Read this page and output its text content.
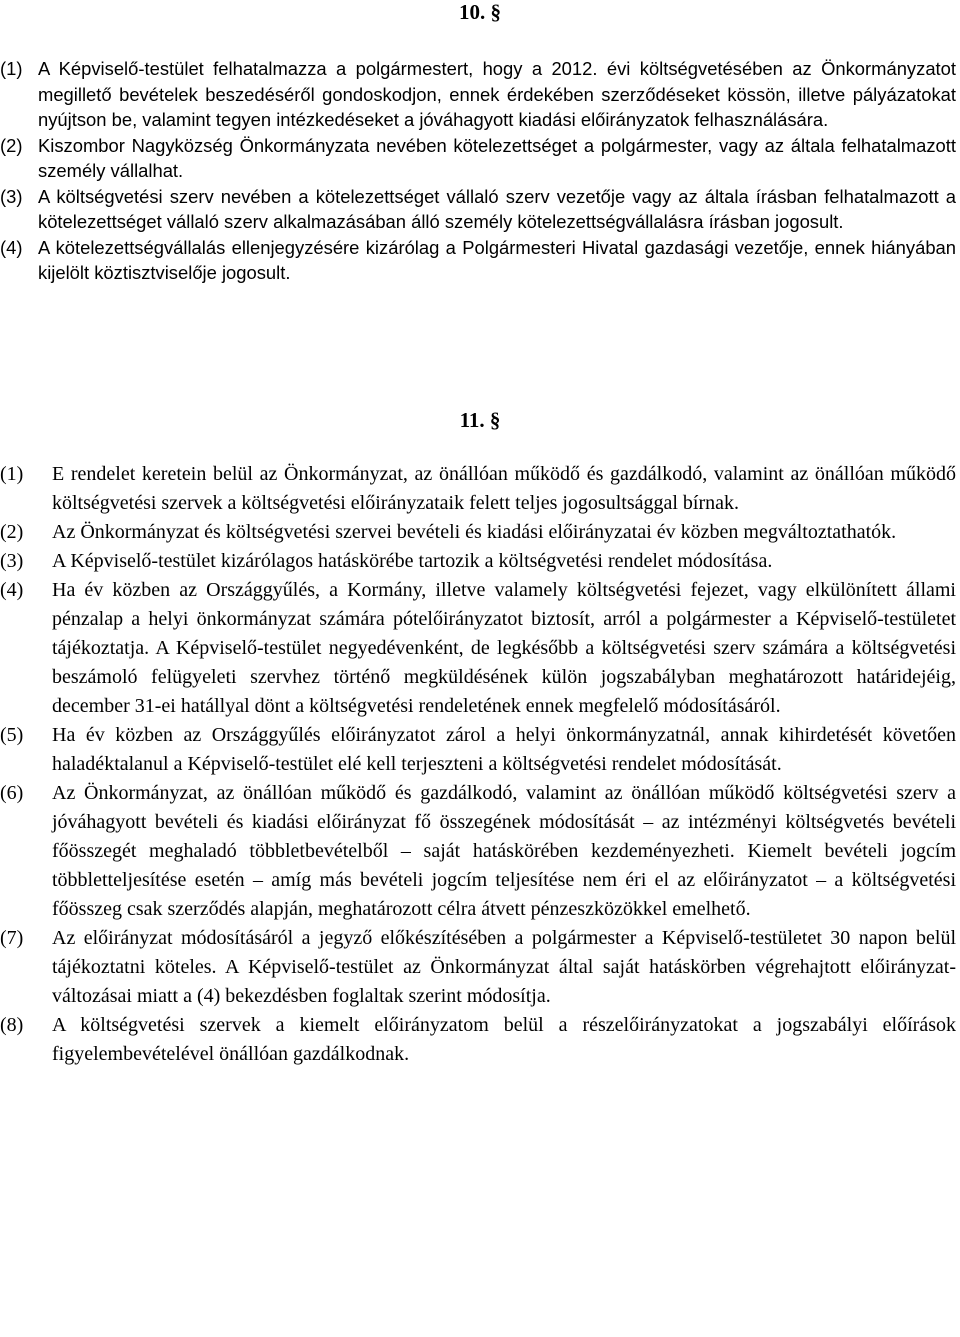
10. §

(1) A Képviselő-testület felhatalmazza a polgármestert, hogy a 2012. évi költségvetésében az Önkormányzatot megillető bevételek beszedéséről gondoskodjon, ennek érdekében szerződéseket kössön, illetve pályázatokat nyújtson be, valamint tegyen intézkedéseket a jóváhagyott kiadási előirányzatok felhasználására.

(2) Kiszombor Nagyközség Önkormányzata nevében kötelezettséget a polgármester, vagy az általa felhatalmazott személy vállalhat.

(3) A költségvetési szerv nevében a kötelezettséget vállaló szerv vezetője vagy az általa írásban felhatalmazott a kötelezettséget vállaló szerv alkalmazásában álló személy kötelezettségvállalásra írásban jogosult.

(4) A kötelezettségvállalás ellenjegyzésére kizárólag a Polgármesteri Hivatal gazdasági vezetője, ennek hiányában kijelölt köztisztviselője jogosult.

11. §

(1)	E rendelet keretein belül az Önkormányzat, az önállóan működő és gazdálkodó, valamint az önállóan működő költségvetési szervek a költségvetési előirányzataik felett teljes jogosultsággal bírnak.

(2)	Az Önkormányzat és költségvetési szervei bevételi és kiadási előirányzatai év közben megváltoztathatók.

(3)	A Képviselő-testület kizárólagos hatáskörébe tartozik a költségvetési rendelet módosítása.

(4)	Ha év közben az Országgyűlés, a Kormány, illetve valamely költségvetési fejezet, vagy elkülönített állami pénzalap a helyi önkormányzat számára pótelőirányzatot biztosít, arról a polgármester a Képviselő-testületet tájékoztatja. A Képviselő-testület negyedévenként, de legkésőbb a költségvetési szerv számára a költségvetési beszámoló felügyeleti szervhez történő megküldésének külön jogszabályban meghatározott határidejéig, december 31-ei hatállyal dönt a költségvetési rendeletének ennek megfelelő módosításáról.

(5)	Ha év közben az Országgyűlés előirányzatot zárol a helyi önkormányzatnál, annak kihirdetését követően haladéktalanul a Képviselő-testület elé kell terjeszteni a költségvetési rendelet módosítását.

(6)	Az Önkormányzat, az önállóan működő és gazdálkodó, valamint az önállóan működő költségvetési szerv a jóváhagyott bevételi és kiadási előirányzat fő összegének módosítását – az intézményi költségvetés bevételi főösszegét meghaladó többletbevételből – saját hatáskörében kezdeményezheti. Kiemelt bevételi jogcím többletteljesítése esetén – amíg más bevételi jogcím teljesítése nem éri el az előirányzatot – a költségvetési főösszeg csak szerződés alapján, meghatározott célra átvett pénzeszközökkel emelhető.

(7)	Az előirányzat módosításáról a jegyző előkészítésében a polgármester a Képviselő-testületet 30 napon belül tájékoztatni köteles. A Képviselő-testület az Önkormányzat által saját hatáskörben végrehajtott előirányzat-változásai miatt a (4) bekezdésben foglaltak szerint módosítja.

(8)	A költségvetési szervek a kiemelt előirányzatom belül a részelőirányzatokat a jogszabályi előírások figyelembevételével önállóan gazdálkodnak.
